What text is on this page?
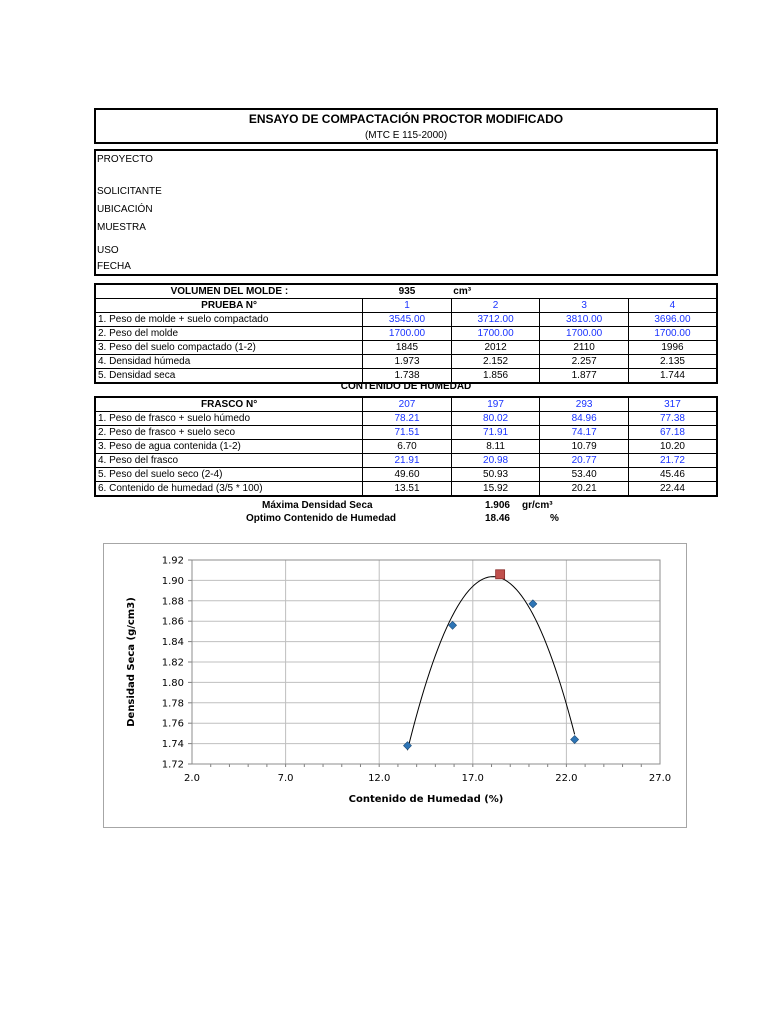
ENSAYO DE COMPACTACIÓN PROCTOR MODIFICADO
(MTC E 115-2000)
PROYECTO
SOLICITANTE
UBICACIÓN
MUESTRA
USO
FECHA
VOLUMEN DEL MOLDE :	935	cm³		
PRUEBA N°	1	2	3	4
1. Peso de molde + suelo compactado	3545.00	3712.00	3810.00	3696.00
2. Peso del molde	1700.00	1700.00	1700.00	1700.00
3. Peso del suelo compactado (1-2)	1845	2012	2110	1996
4. Densidad húmeda	1.973	2.152	2.257	2.135
5. Densidad seca	1.738	1.856	1.877	1.744
CONTENIDO DE HUMEDAD
FRASCO N°	207	197	293	317
1. Peso de frasco + suelo húmedo	78.21	80.02	84.96	77.38
2. Peso de frasco + suelo seco	71.51	71.91	74.17	67.18
3. Peso de agua contenida (1-2)	6.70	8.11	10.79	10.20
4. Peso del frasco	21.91	20.98	20.77	21.72
5. Peso del suelo seco (2-4)	49.60	50.93	53.40	45.46
6. Contenido de humedad (3/5 * 100)	13.51	15.92	20.21	22.44
Máxima Densidad Seca	1.906 gr/cm³
Optimo Contenido de Humedad	18.46	%
1.72
1.74
1.76
1.78
1.80
1.82
1.84
1.86
1.88
1.90
1.92
2.0	7.0	12.0	17.0	22.0	27.0
Contenido de Humedad (%)
Densidad Seca (g/cm3)
